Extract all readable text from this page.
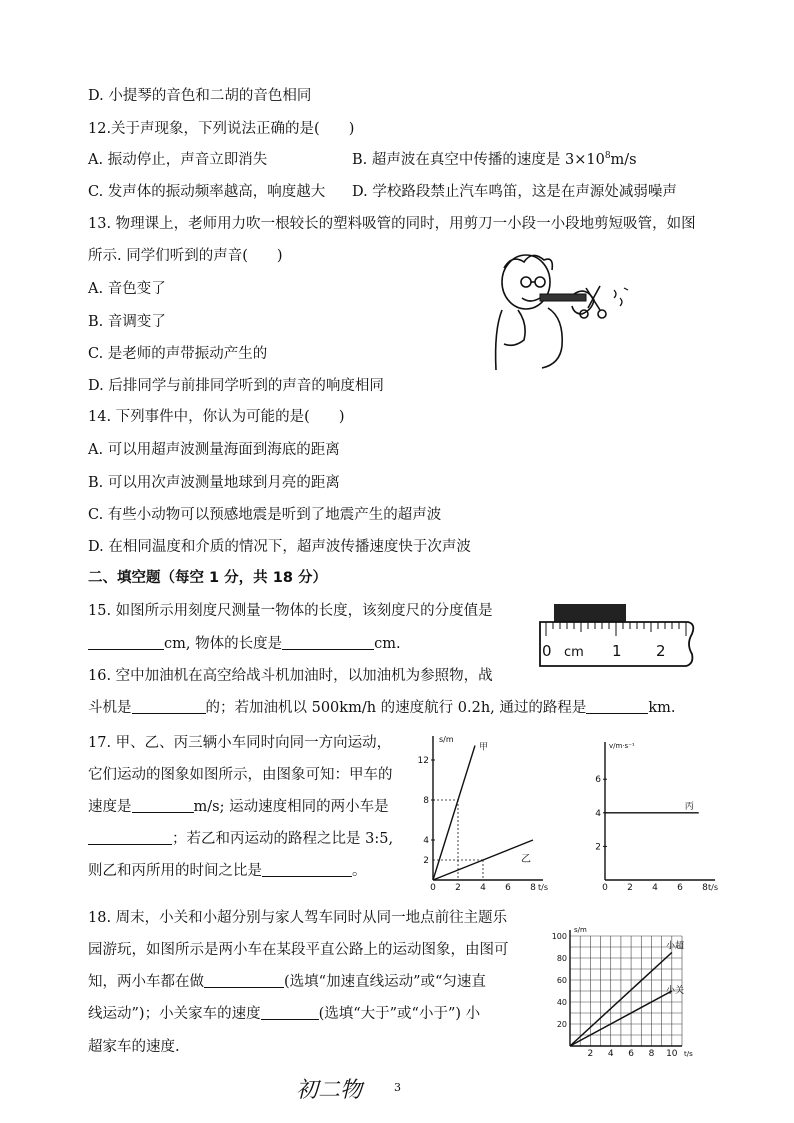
D. 小提琴的音色和二胡的音色相同
12.关于声现象，下列说法正确的是(　　)
A. 振动停止，声音立即消失	B. 超声波在真空中传播的速度是 $3\times 10^8m/s$
C. 发声体的振动频率越高，响度越大 D. 学校路段禁止汽车鸣笛，这是在声源处减弱噪声
13. 物理课上，老师用力吹一根较长的塑料吸管的同时，用剪刀一小段一小段地剪短吸管，如图
所示. 同学们听到的声音(　　)
A. 音色变了
B. 音调变了
C. 是老师的声带振动产生的
D. 后排同学与前排同学听到的声音的响度相同
14. 下列事件中，你认为可能的是(　　)
A. 可以用超声波测量海面到海底的距离
B. 可以用次声波测量地球到月亮的距离
C. 有些小动物可以预感地震是听到了地震产生的超声波
D. 在相同温度和介质的情况下，超声波传播速度快于次声波
二、填空题（每空 1 分，共 18 分）
15. 如图所示用刻度尺测量一物体的长度，该刻度尺的分度值是
cm, 物体的长度是	cm.	0 cm 1 2
16. 空中加油机在高空给战斗机加油时，以加油机为参照物，战
斗机是	的；若加油机以 500km/h 的速度航行 0.2h, 通过的路程是	km.
17. 甲、乙、丙三辆小车同时向同一方向运动，
它们运动的图象如图所示，由图象可知：甲车的
速度是	m/s; 运动速度相同的两小车是
；若乙和丙运动的路程之比是 3:5,
则乙和丙所用的时间之比是	。
0 2 4 6 8
4
8
12
s/m
t/s
甲
乙
2
0 2 4 6 8
2
4
6
v/m·s⁻¹
t/s
丙
18. 周末，小关和小超分别与家人驾车同时从同一地点前往主题乐
园游玩，如图所示是两小车在某段平直公路上的运动图象，由图可
知，两小车都在做	(选填“加速直线运动”或“匀速直
线运动”)；小关家车的速度	(选填“大于”或“小于”) 小
超家车的速度.	2 4 6 8 10
20
40
60
80
100
s/m
t/s
小超
小关
初二物	3
